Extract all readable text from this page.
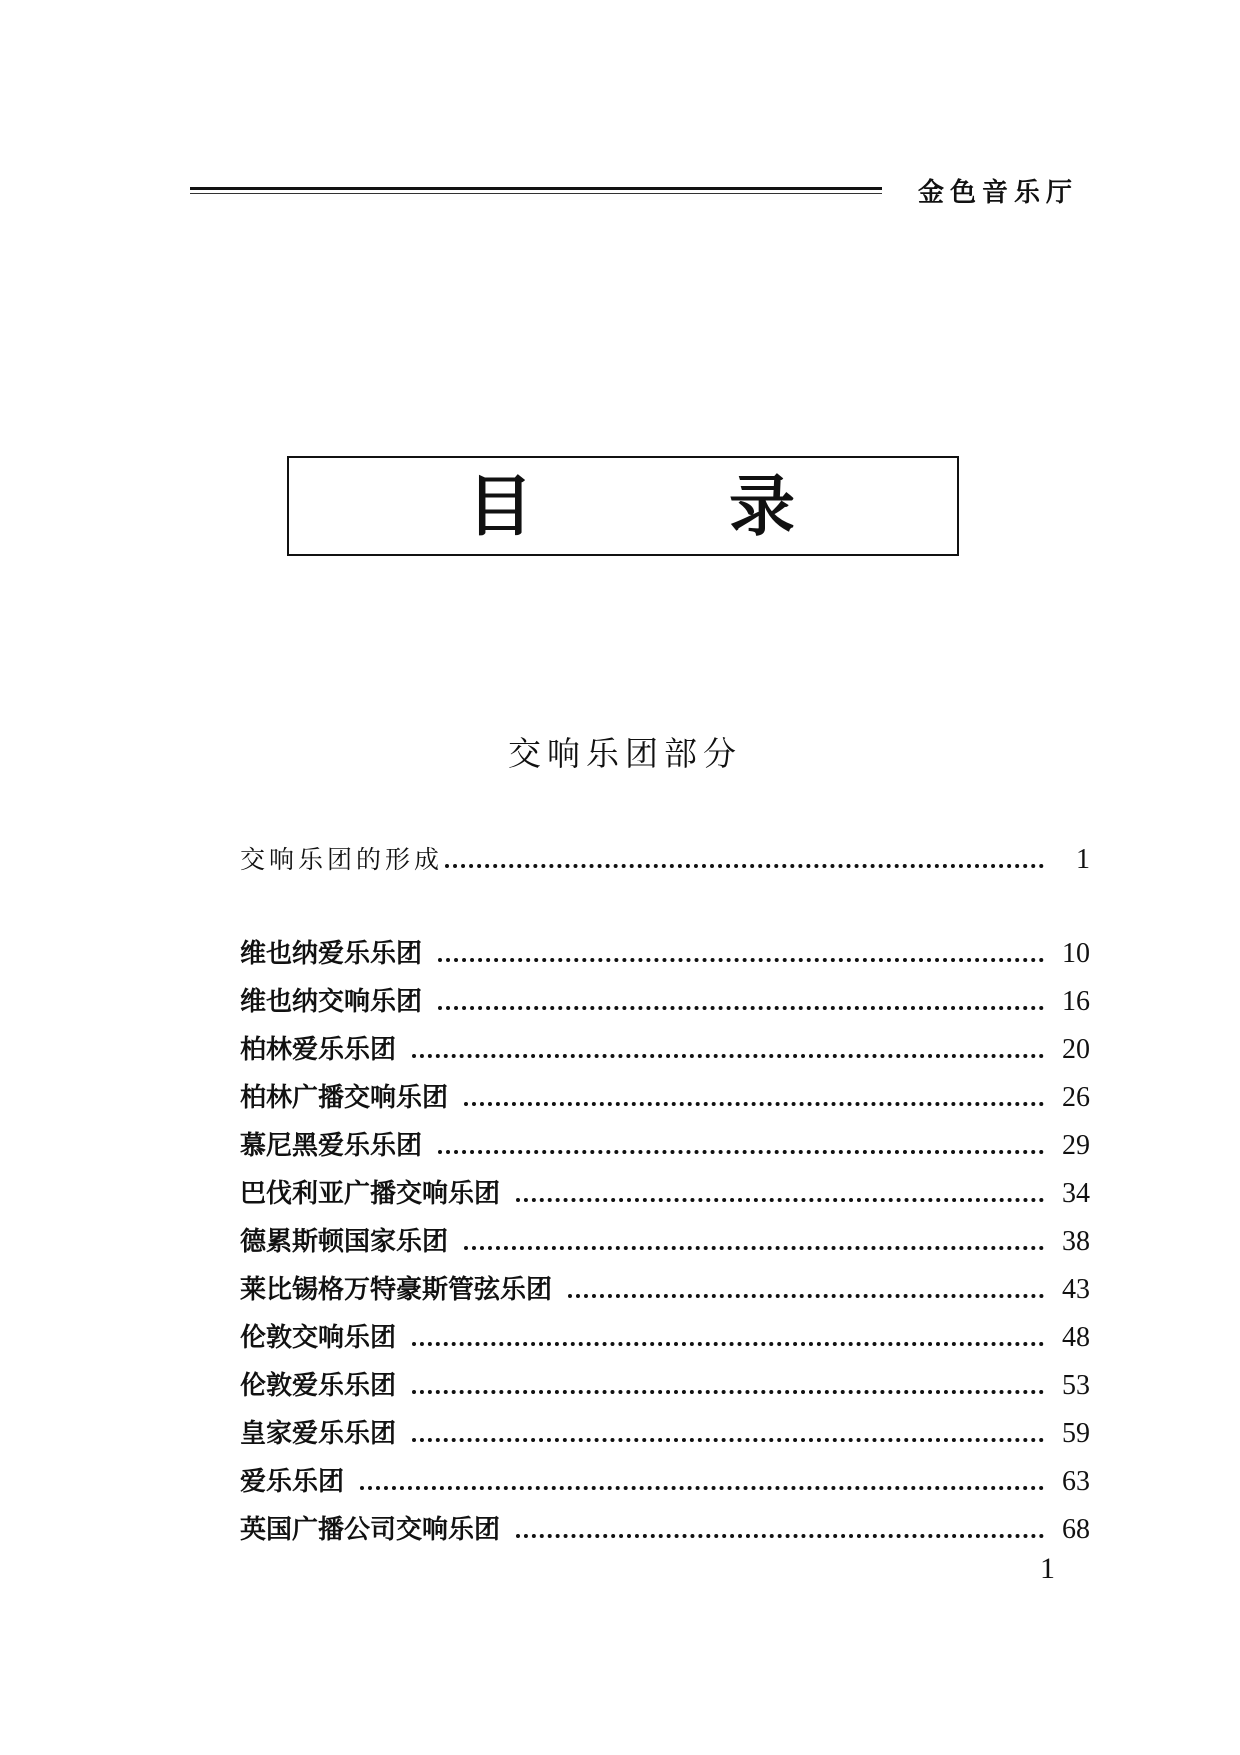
金色音乐厅
目	录
交响乐团部分
交响乐团的形成	1
维也纳爱乐乐团	10
维也纳交响乐团	16
柏林爱乐乐团	20
柏林广播交响乐团	26
慕尼黑爱乐乐团	29
巴伐利亚广播交响乐团	34
德累斯顿国家乐团	38
莱比锡格万特豪斯管弦乐团	43
伦敦交响乐团	48
伦敦爱乐乐团	53
皇家爱乐乐团	59
爱乐乐团	63
英国广播公司交响乐团	68
1
